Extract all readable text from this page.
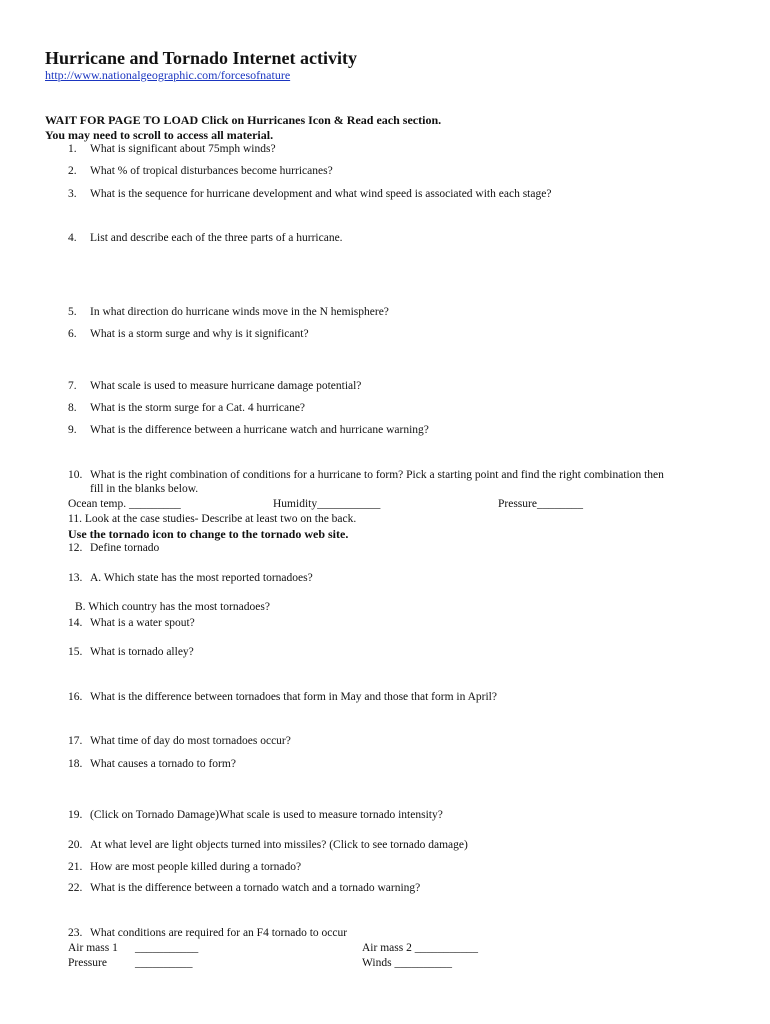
Hurricane and Tornado Internet activity
http://www.nationalgeographic.com/forcesofnature
WAIT FOR PAGE TO LOAD Click on Hurricanes Icon & Read each section.
You may need to scroll to access all material.
1. What is significant about 75mph winds?
2. What % of tropical disturbances become hurricanes?
3. What is the sequence for hurricane development and what wind speed is associated with each stage?
4. List and describe each of the three parts of a hurricane.
5. In what direction do hurricane winds move in the N hemisphere?
6. What is a storm surge and why is it significant?
7. What scale is used to measure hurricane damage potential?
8. What is the storm surge for a Cat. 4 hurricane?
9. What is the difference between a hurricane watch and hurricane warning?
10. What is the right combination of conditions for a hurricane to form? Pick a starting point and find the right combination then
fill in the blanks below.
Ocean temp. _________	Humidity___________	Pressure________
11. Look at the case studies- Describe at least two on the back.
Use the tornado icon to change to the tornado web site.
12. Define tornado
13. A. Which state has the most reported tornadoes?
B. Which country has the most tornadoes?
14. What is a water spout?
15. What is tornado alley?
16. What is the difference between tornadoes that form in May and those that form in April?
17. What time of day do most tornadoes occur?
18. What causes a tornado to form?
19. (Click on Tornado Damage)What scale is used to measure tornado intensity?
20. At what level are light objects turned into missiles? (Click to see tornado damage)
21. How are most people killed during a tornado?
22. What is the difference between a tornado watch and a tornado warning?
23. What conditions are required for an F4 tornado to occur
Air mass 1 ___________	Air mass 2 ___________
Pressure __________	Winds __________
